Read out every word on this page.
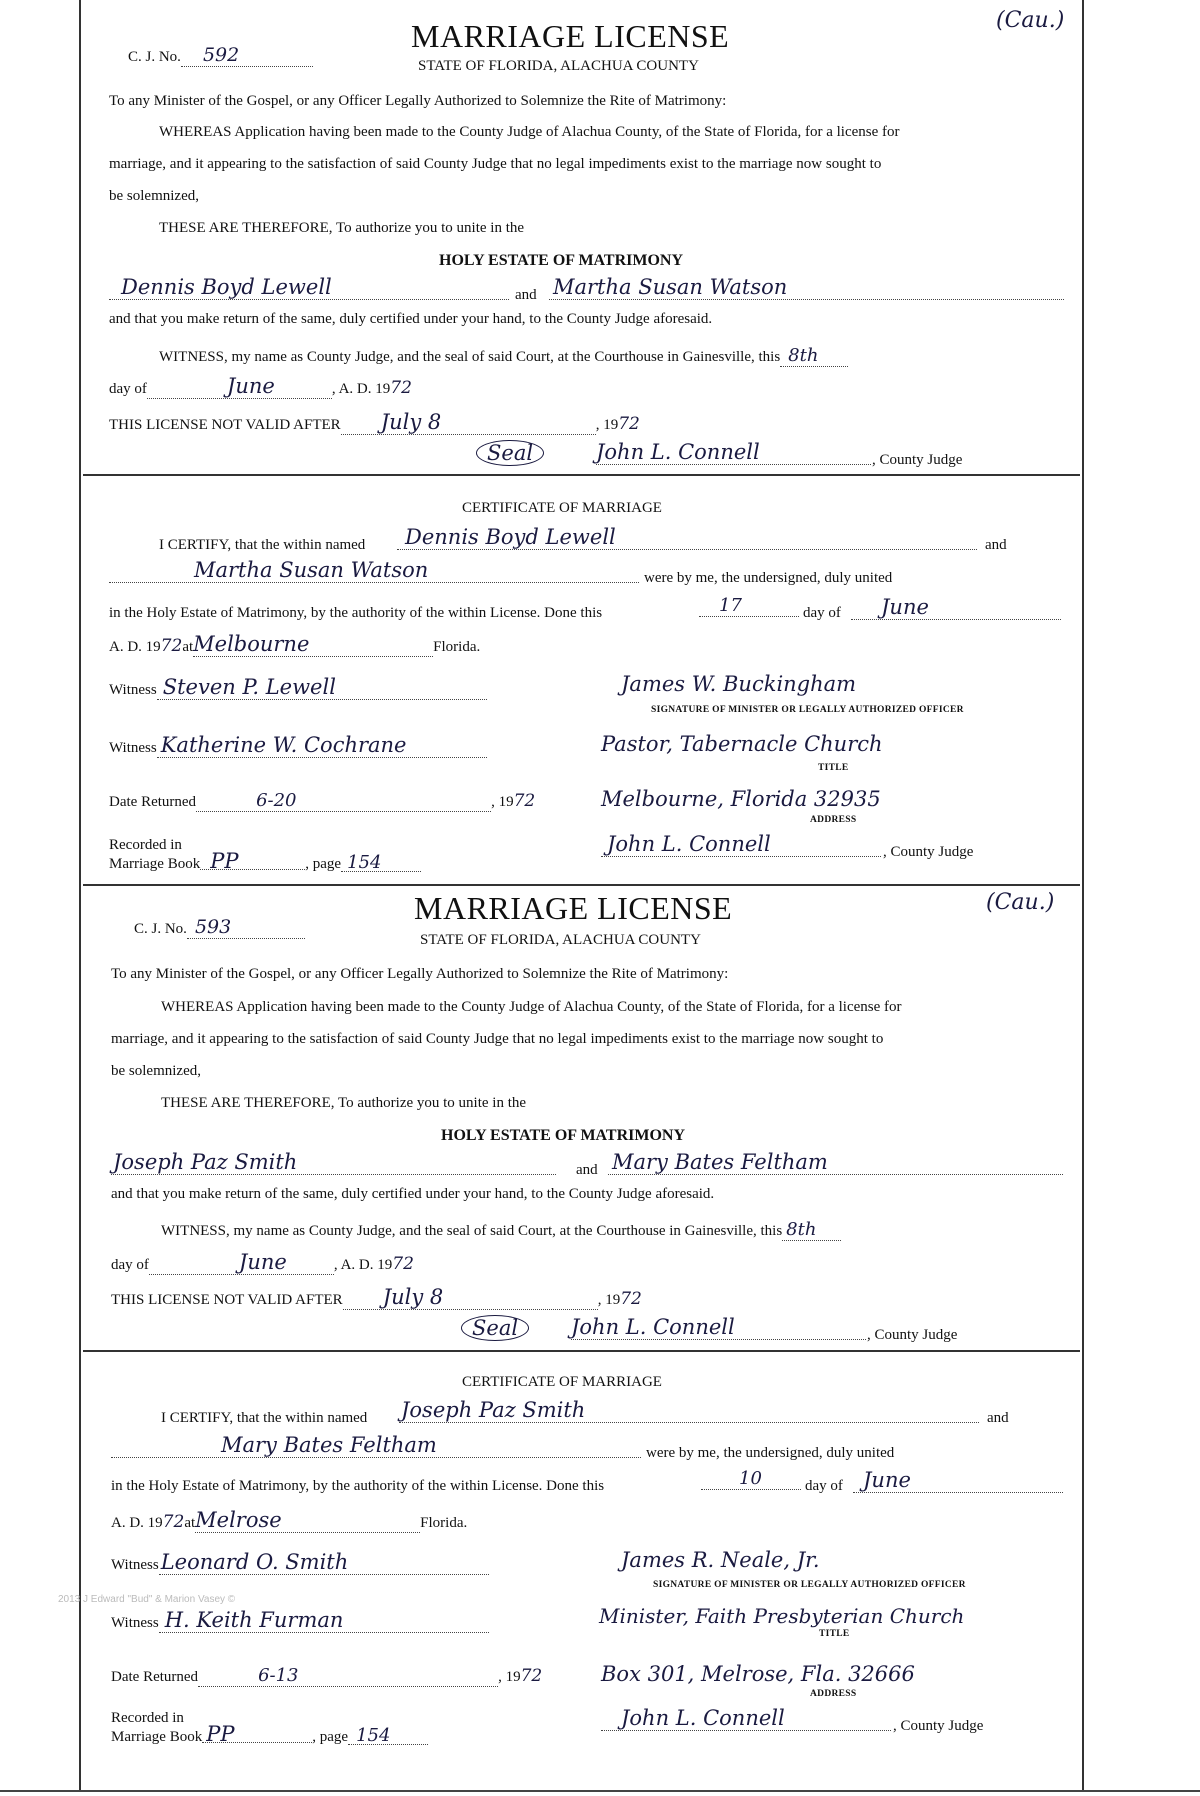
C. J. No. 592
MARRIAGE LICENSE	(Cau.)
STATE OF FLORIDA, ALACHUA COUNTY
To any Minister of the Gospel, or any Officer Legally Authorized to Solemnize the Rite of Matrimony:
WHEREAS Application having been made to the County Judge of Alachua County, of the State of Florida, for a license for
marriage, and it appearing to the satisfaction of said County Judge that no legal impediments exist to the marriage now sought to
be solemnized,
THESE ARE THEREFORE, To authorize you to unite in the
HOLY ESTATE OF MATRIMONY
Dennis Boyd Lewell	and Martha Susan Watson
and that you make return of the same, duly certified under your hand, to the County Judge aforesaid.
WITNESS, my name as County Judge, and the seal of said Court, at the Courthouse in Gainesville, this 8th
day of	June	, A. D. 1972
THIS LICENSE NOT VALID AFTER July 8	, 1972
Seal	John L. Connell	, County Judge
CERTIFICATE OF MARRIAGE
I CERTIFY, that the within named	Dennis Boyd Lewell	and
Martha Susan Watson	were by me, the undersigned, duly united
in the Holy Estate of Matrimony, by the authority of the within License. Done this	17	day of	June
A. D. 1972atMelbourne	Florida.
Witness Steven P. Lewell	James W. Buckingham
SIGNATURE OF MINISTER OR LEGALLY AUTHORIZED OFFICER
Witness Katherine W. Cochrane	Pastor, Tabernacle Church
TITLE
Date Returned	6-20	, 1972	Melbourne, Florida 32935
ADDRESS
Recorded in
Marriage Book PP	, page 154
John L. Connell	, County Judge
C. J. No. 593
MARRIAGE LICENSE	(Cau.)
STATE OF FLORIDA, ALACHUA COUNTY
To any Minister of the Gospel, or any Officer Legally Authorized to Solemnize the Rite of Matrimony:
WHEREAS Application having been made to the County Judge of Alachua County, of the State of Florida, for a license for
marriage, and it appearing to the satisfaction of said County Judge that no legal impediments exist to the marriage now sought to
be solemnized,
THESE ARE THEREFORE, To authorize you to unite in the
HOLY ESTATE OF MATRIMONY
Joseph Paz Smith	and Mary Bates Feltham
and that you make return of the same, duly certified under your hand, to the County Judge aforesaid.
WITNESS, my name as County Judge, and the seal of said Court, at the Courthouse in Gainesville, this 8th
day of	June	, A. D. 1972
THIS LICENSE NOT VALID AFTER July 8	, 1972
Seal	John L. Connell	, County Judge
CERTIFICATE OF MARRIAGE
I CERTIFY, that the within named Joseph Paz Smith	and
Mary Bates Feltham	were by me, the undersigned, duly united
in the Holy Estate of Matrimony, by the authority of the within License. Done this	10	day of June
A. D. 1972atMelrose	Florida.
WitnessLeonard O. Smith	James R. Neale, Jr.
SIGNATURE OF MINISTER OR LEGALLY AUTHORIZED OFFICER
Witness H. Keith Furman	Minister, Faith Presbyterian Church
TITLE
Date Returned	6-13	, 1972	Box 301, Melrose, Fla. 32666
ADDRESS
Recorded in
Marriage Book PP	, page 154
John L. Connell	, County Judge
2013 J Edward "Bud" & Marion Vasey ©
